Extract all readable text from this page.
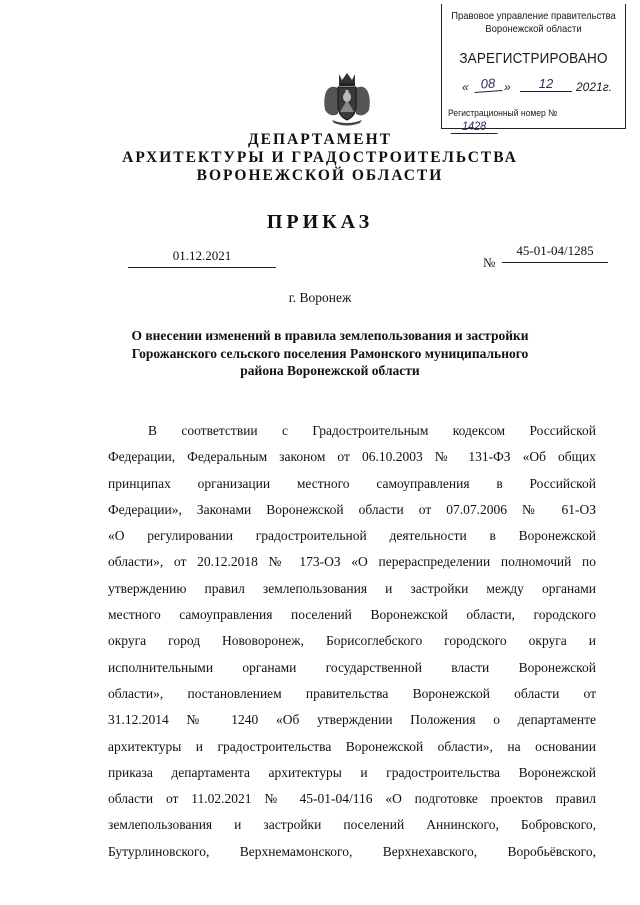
Правовое управление правительства
Воронежской области
ЗАРЕГИСТРИРОВАНО
« 08 »	12	2021г.
Регистрационный номер №1428
ДЕПАРТАМЕНТ
АРХИТЕКТУРЫ И ГРАДОСТРОИТЕЛЬСТВА
ВОРОНЕЖСКОЙ ОБЛАСТИ
ПРИКАЗ
01.12.2021	№
45-01-04/1285
г. Воронеж
О внесении изменений в правила землепользования и застройки
Горожанского сельского поселения Рамонского муниципального
района Воронежской области
В соответствии с Градостроительным кодексом Российской
Федерации, Федеральным законом от 06.10.2003 № 131-ФЗ «Об общих
принципах организации местного самоуправления в Российской
Федерации», Законами Воронежской области от 07.07.2006 № 61-ОЗ
«О регулировании градостроительной деятельности в Воронежской
области», от 20.12.2018 № 173-ОЗ «О перераспределении полномочий по
утверждению правил землепользования и застройки между органами
местного самоуправления поселений Воронежской области, городского
округа город Нововоронеж, Борисоглебского городского округа и
исполнительными органами государственной власти Воронежской
области», постановлением правительства Воронежской области от
31.12.2014 № 1240 «Об утверждении Положения о департаменте
архитектуры и градостроительства Воронежской области», на основании
приказа департамента архитектуры и градостроительства Воронежской
области от 11.02.2021 № 45-01-04/116 «О подготовке проектов правил
землепользования и застройки поселений Аннинского, Бобровского,
Бутурлиновского, Верхнемамонского, Верхнехавского, Воробьёвского,
